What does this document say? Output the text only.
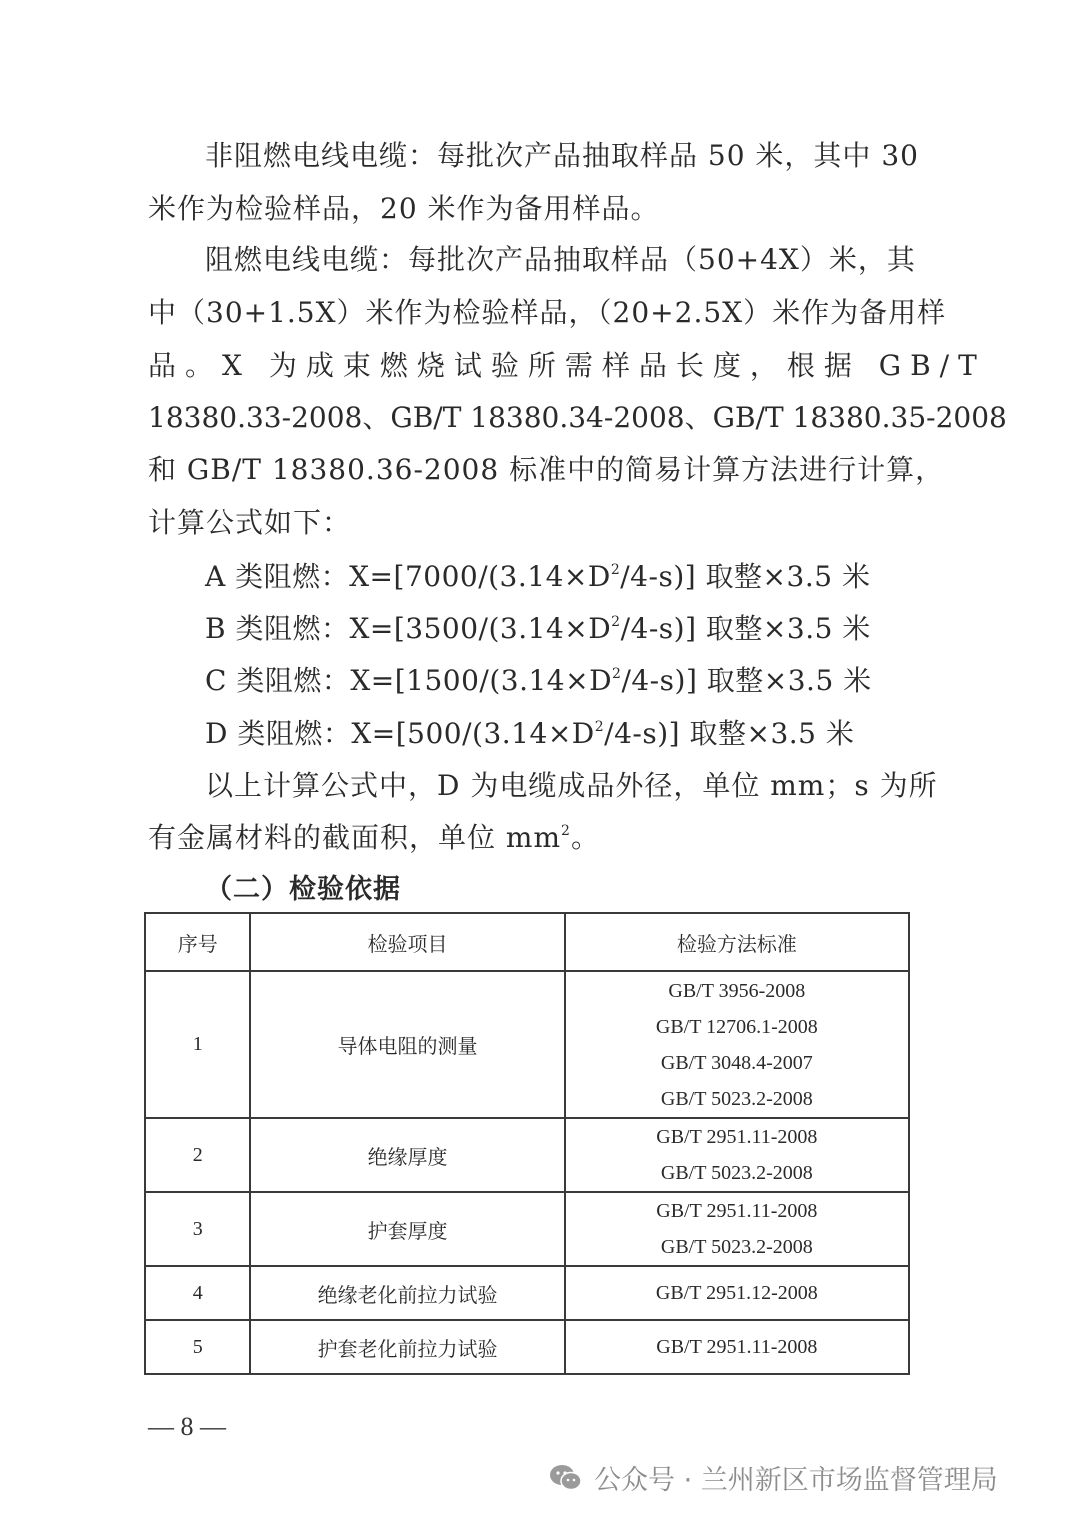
非阻燃电线电缆：每批次产品抽取样品 50 米，其中 30
米作为检验样品，20 米作为备用样品。
阻燃电线电缆：每批次产品抽取样品（50+4X）米，其
中（30+1.5X）米作为检验样品，（20+2.5X）米作为备用样
品。X 为成束燃烧试验所需样品长度，根据 GB/T
18380.33-2008、GB/T 18380.34-2008、GB/T 18380.35-2008
和 GB/T 18380.36-2008 标准中的简易计算方法进行计算，
计算公式如下：
A 类阻燃：$X=[7000/(3.14\times D^2/4-s)]$ 取整×3.5 米
B 类阻燃：$X=[3500/(3.14\times D^2/4-s)]$ 取整×3.5 米
C 类阻燃：$X=[1500/(3.14\times D^2/4-s)]$ 取整×3.5 米
D 类阻燃：$X=[500/(3.14\times D^2/4-s)]$ 取整×3.5 米
以上计算公式中，D 为电缆成品外径，单位 mm；s 为所
有金属材料的截面积，单位 $mm^2$。
（二）检验依据
序号	检验项目	检验方法标准
1	导体电阻的测量	GB/T 3956-2008
GB/T 12706.1-2008
GB/T 3048.4-2007
GB/T 5023.2-2008

2	绝缘厚度	GB/T 2951.11-2008
GB/T 5023.2-2008

3	护套厚度	GB/T 2951.11-2008
GB/T 5023.2-2008

4	绝缘老化前拉力试验	GB/T 2951.12-2008

5	护套老化前拉力试验	GB/T 2951.11-2008
— 8 —
公众号 · 兰州新区市场监督管理局
